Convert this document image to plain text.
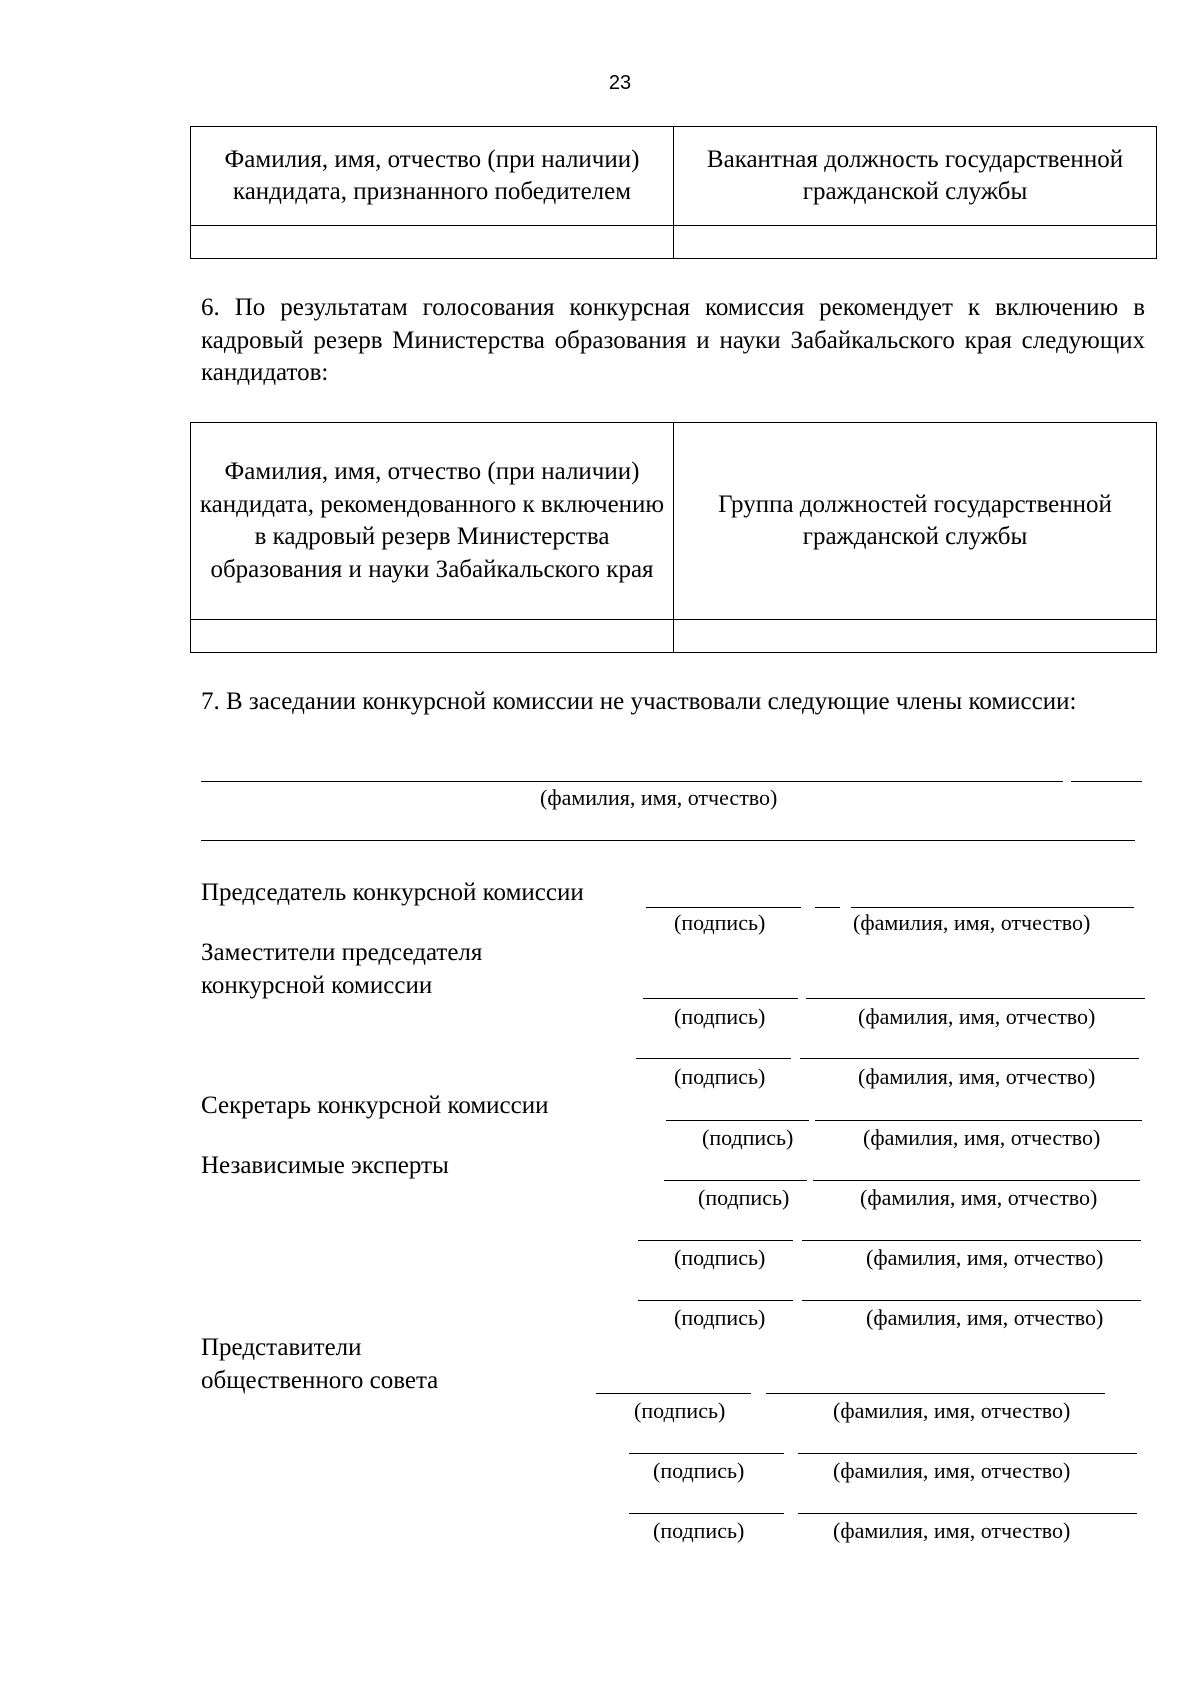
23
Фамилия, имя, отчество (при наличии) кандидата, признанного победителем	Вакантная должность государственной гражданской службы

6. По результатам голосования конкурсная комиссия рекомендует к включению в кадровый резерв Министерства образования и науки Забайкальского края следующих кандидатов:
Фамилия, имя, отчество (при наличии) кандидата, рекомендованного к включению в кадровый резерв Министерства образования и науки Забайкальского края	Группа должностей государственной гражданской службы

7. В заседании конкурсной комиссии не участвовали следующие члены комиссии:
(фамилия, имя, отчество)
Председатель конкурсной комиссии
(подпись)	(фамилия, имя, отчество)
Заместители председателя
конкурсной комиссии
(подпись)	(фамилия, имя, отчество)
(подпись)	(фамилия, имя, отчество)
Секретарь конкурсной комиссии
(подпись)	(фамилия, имя, отчество)
Независимые эксперты
(подпись)	(фамилия, имя, отчество)
(подпись)	(фамилия, имя, отчество)
(подпись)	(фамилия, имя, отчество)
Представители
общественного совета
(подпись)	(фамилия, имя, отчество)
(подпись)	(фамилия, имя, отчество)
(подпись)	(фамилия, имя, отчество)
